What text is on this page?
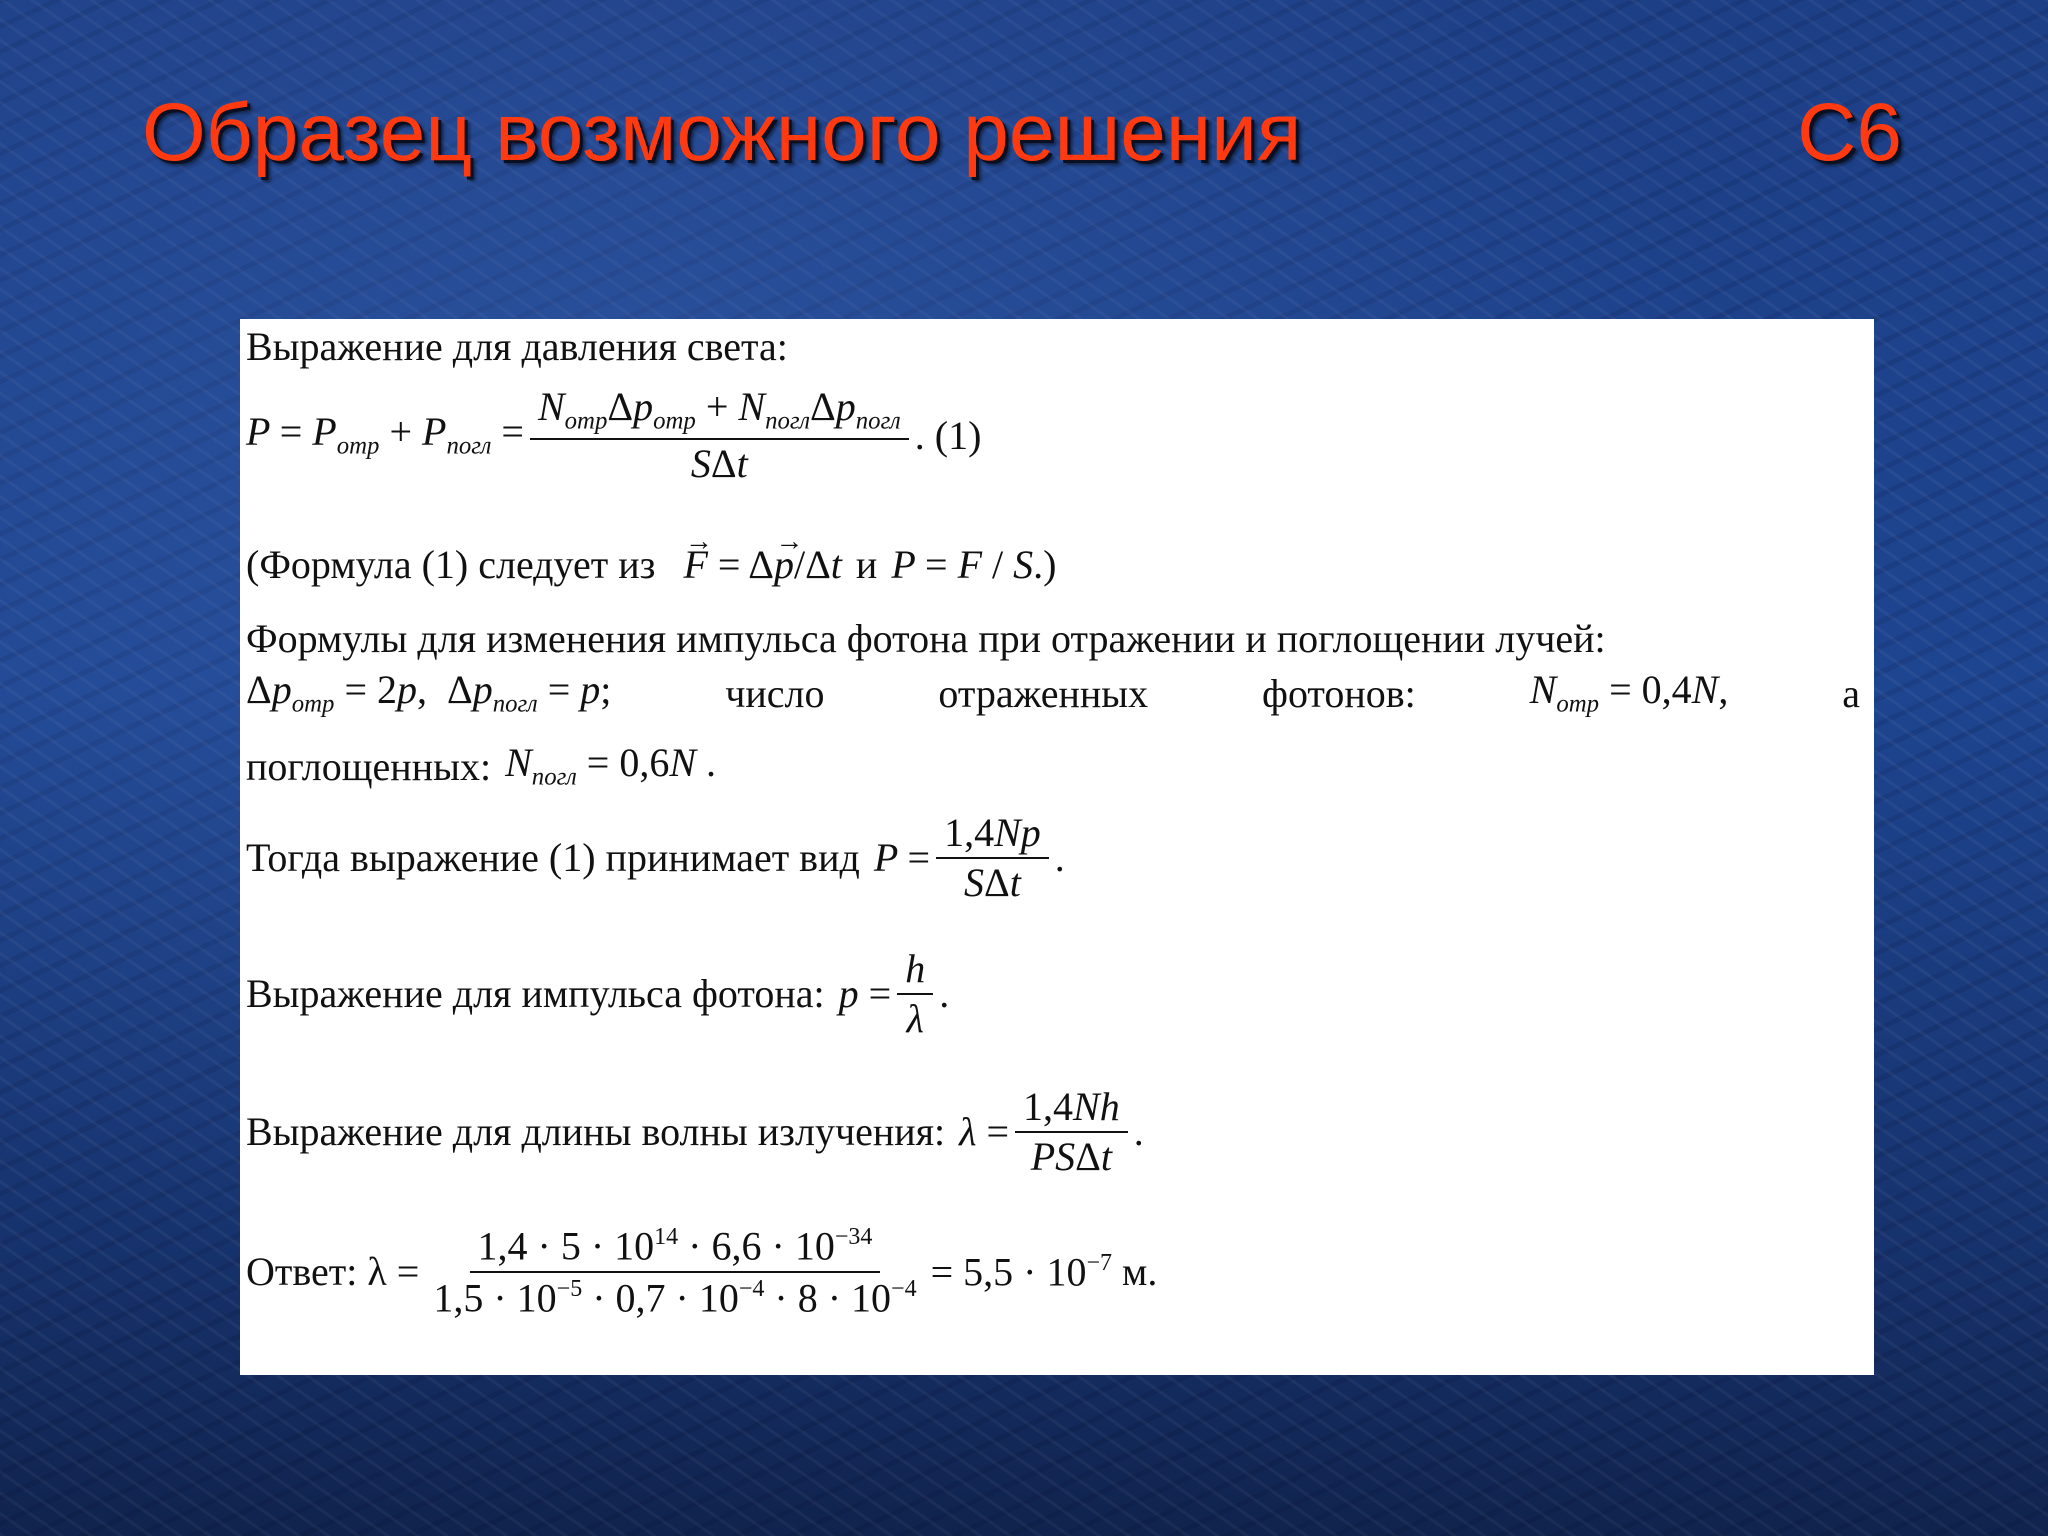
Образец возможного решения	С6
Выражение для давления света:
$P = P_{отр} + P_{погл} = \frac{N_{отр}\Delta p_{отр} + N_{погл}\Delta p_{погл}}{\text{SΔt}}$ . (1)
(Формула (1) следует из F → = Δp →/Δt и P = F / S .)
Формулы для изменения импульса фотона при отражении и поглощении лучей:
$\Delta p_{отр} = 2p$, $\Delta p_{погл} = p$;	число	отраженных	фотонов:	$N_{отр} = 0,4N$,	а
поглощенных: $N_{погл} = 0,6N$ .
Тогда выражение (1) принимает вид $P = \frac{1,4Np}{\text{SΔt}}$ .
Выражение для импульса фотона: $p = \frac{h}{\lambda}$ .
Выражение для длины волны излучения: $\lambda = \frac{1,4Nh}{\text{PSΔt}}$ .
Ответ: $\lambda = \frac{1,4 \cdot 5 \cdot 10^{14} \cdot 6,6 \cdot 10^{-34}}{1,5 \cdot 10^{-5} \cdot 0,7 \cdot 10^{-4} \cdot 8 \cdot 10^{-4}} = 5,5 \cdot 10^{-7}$ м.
